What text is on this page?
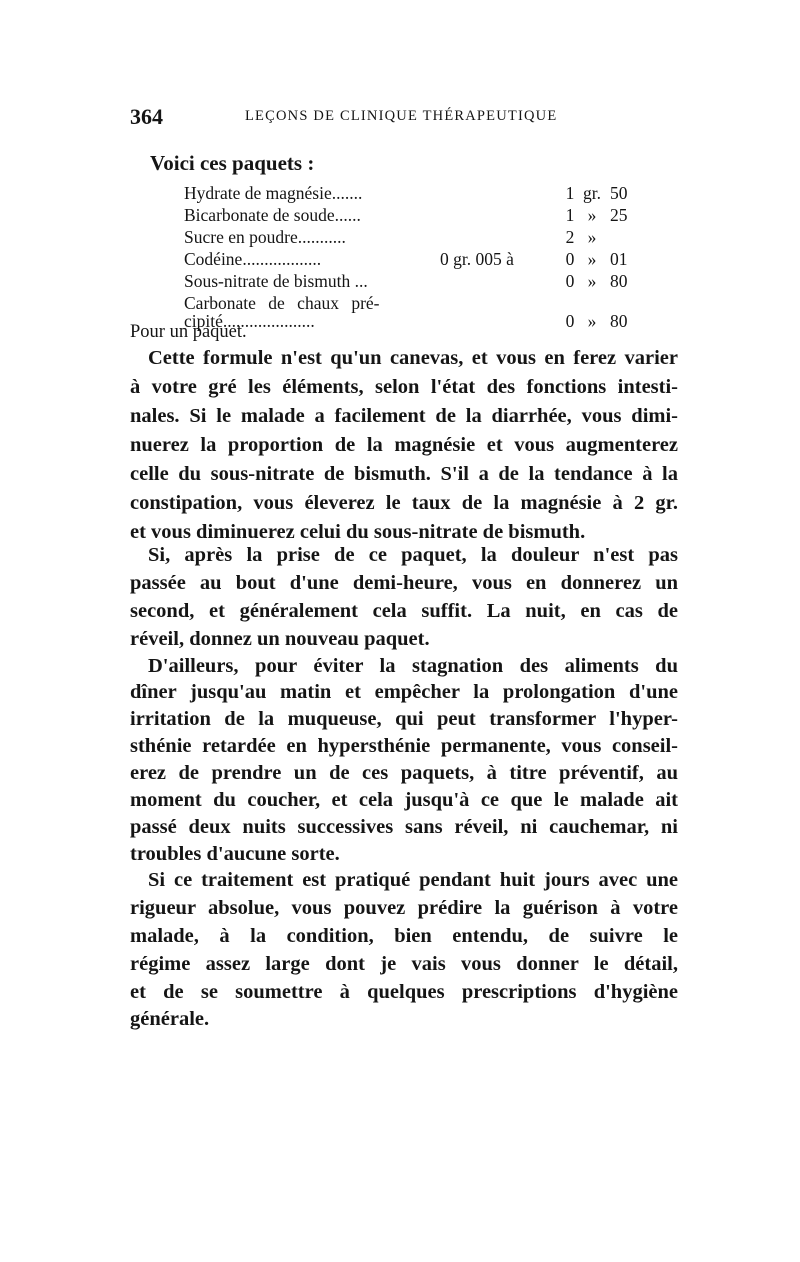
364	LEÇONS DE CLINIQUE THÉRAPEUTIQUE
Voici ces paquets :
Hydrate de magnésie.......	1 gr. 50
Bicarbonate de soude......	1 » 25
Sucre en poudre...........	2 »
Codéine..................	0 gr. 005 à	0 » 01
Sous-nitrate de bismuth ...	0 » 80
Carbonate de chaux pré-
cipité.....................	0 » 80
Pour un paquet.
Cette formule n'est qu'un canevas, et vous en ferez varier
à votre gré les éléments, selon l'état des fonctions intesti-
nales. Si le malade a facilement de la diarrhée, vous dimi-
nuerez la proportion de la magnésie et vous augmenterez
celle du sous-nitrate de bismuth. S'il a de la tendance à la
constipation, vous éleverez le taux de la magnésie à 2 gr.
et vous diminuerez celui du sous-nitrate de bismuth.
Si, après la prise de ce paquet, la douleur n'est pas
passée au bout d'une demi-heure, vous en donnerez un
second, et généralement cela suffit. La nuit, en cas de
réveil, donnez un nouveau paquet.
D'ailleurs, pour éviter la stagnation des aliments du
dîner jusqu'au matin et empêcher la prolongation d'une
irritation de la muqueuse, qui peut transformer l'hyper-
sthénie retardée en hypersthénie permanente, vous conseil-
erez de prendre un de ces paquets, à titre préventif, au
moment du coucher, et cela jusqu'à ce que le malade ait
passé deux nuits successives sans réveil, ni cauchemar, ni
troubles d'aucune sorte.
Si ce traitement est pratiqué pendant huit jours avec une
rigueur absolue, vous pouvez prédire la guérison à votre
malade, à la condition, bien entendu, de suivre le
régime assez large dont je vais vous donner le détail,
et de se soumettre à quelques prescriptions d'hygiène
générale.
